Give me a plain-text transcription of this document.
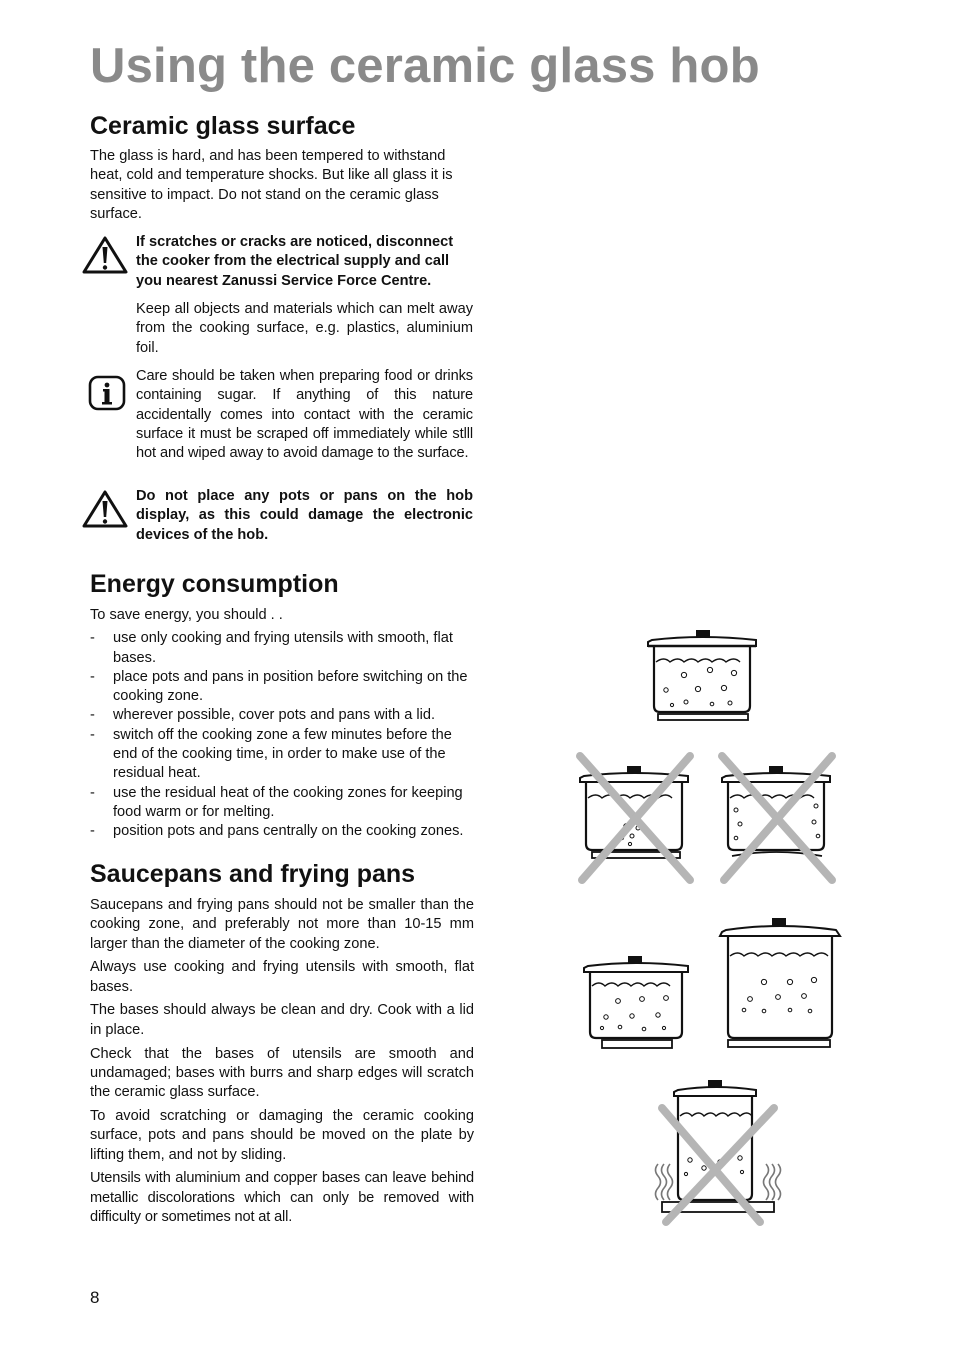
Using the ceramic glass hob
Ceramic glass surface

The glass is hard, and has been tempered to withstand heat, cold and temperature shocks. But like all glass it is sensitive to impact. Do not stand on the ceramic glass surface.

If scratches or cracks are noticed, disconnect the cooker from the electrical supply and call you nearest Zanussi Service Force Centre.

Keep all objects and materials which can melt away from the cooking surface, e.g. plastics, aluminium foil.

Care should be taken when preparing food or drinks containing sugar. If anything of this nature accidentally comes into contact with the ceramic surface it must be scraped off immediately while stlll hot and wiped away to avoid damage to the surface.

Do not place any pots or pans on the hob display, as this could damage the electronic devices of the hob.

Energy consumption

To save energy, you should . .

- use only cooking and frying utensils with smooth, flat bases.
- place pots and pans in position before switching on the cooking zone.
- wherever possible, cover pots and pans with a lid.
- switch off the cooking zone a few minutes before the end of the cooking time, in order to make use of the residual heat.
- use the residual heat of the cooking zones for keeping food warm or for melting.
- position pots and pans centrally on the cooking zones.
Saucepans and frying pans

Saucepans and frying pans should not be smaller than the cooking zone, and preferably not more than 10-15 mm larger than the diameter of the cooking zone.

Always use cooking and frying utensils with smooth, flat bases.

The bases should always be clean and dry. Cook with a lid in place.

Check that the bases of utensils are smooth and undamaged; bases with burrs and sharp edges will scratch the ceramic glass surface.

To avoid scratching or damaging the ceramic cooking surface, pots and pans should be moved on the plate by lifting them, and not by sliding.

Utensils with aluminium and copper bases can leave behind metallic discolorations which can only be removed with difficulty or sometimes not at all.

8
